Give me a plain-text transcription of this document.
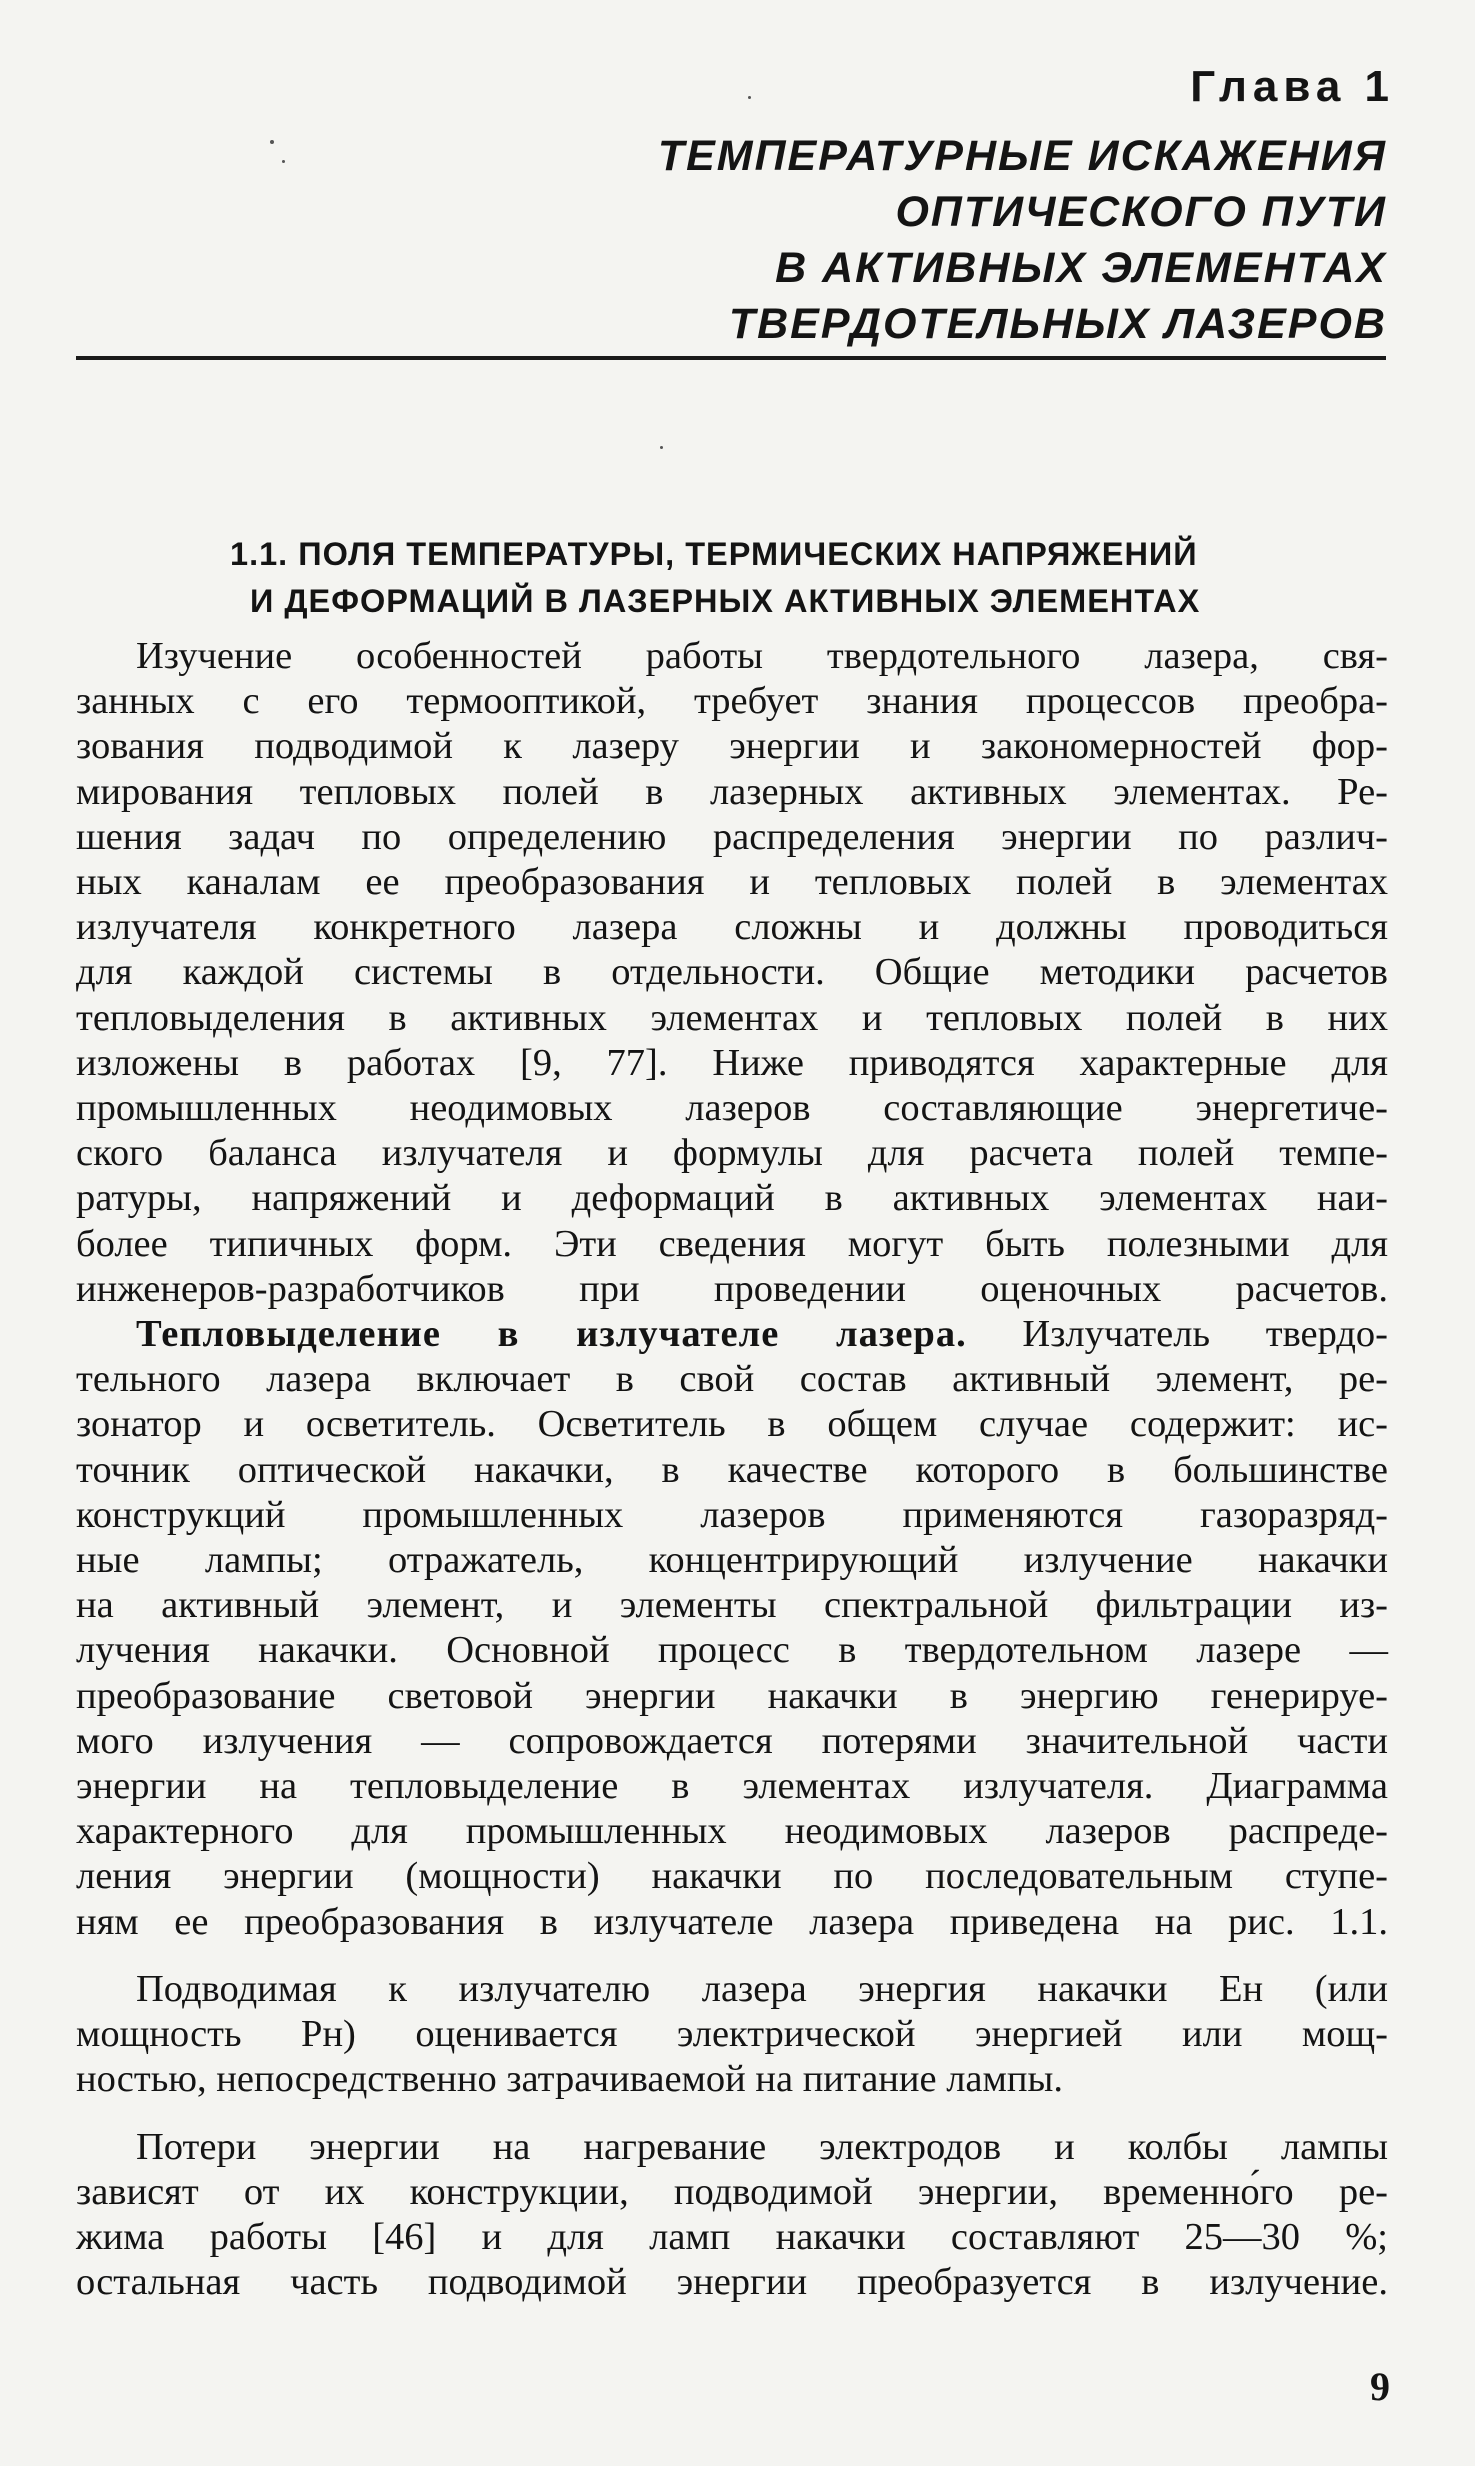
Глава 1
ТЕМПЕРАТУРНЫЕ ИСКАЖЕНИЯ
ОПТИЧЕСКОГО ПУТИ
В АКТИВНЫХ ЭЛЕМЕНТАХ
ТВЕРДОТЕЛЬНЫХ ЛАЗЕРОВ
1.1. ПОЛЯ ТЕМПЕРАТУРЫ, ТЕРМИЧЕСКИХ НАПРЯЖЕНИЙ
И ДЕФОРМАЦИЙ В ЛАЗЕРНЫХ АКТИВНЫХ ЭЛЕМЕНТАХ
Изучение особенностей работы твердотельного лазера, свя-
занных с его термооптикой, требует знания процессов преобра-
зования подводимой к лазеру энергии и закономерностей фор-
мирования тепловых полей в лазерных активных элементах. Ре-
шения задач по определению распределения энергии по различ-
ных каналам ее преобразования и тепловых полей в элементах
излучателя конкретного лазера сложны и должны проводиться
для каждой системы в отдельности. Общие методики расчетов
тепловыделения в активных элементах и тепловых полей в них
изложены в работах [9, 77]. Ниже приводятся характерные для
промышленных неодимовых лазеров составляющие энергетиче-
ского баланса излучателя и формулы для расчета полей темпе-
ратуры, напряжений и деформаций в активных элементах наи-
более типичных форм. Эти сведения могут быть полезными для
инженеров-разработчиков при проведении оценочных расчетов.
Тепловыделение в излучателе лазера. Излучатель твердо-
тельного лазера включает в свой состав активный элемент, ре-
зонатор и осветитель. Осветитель в общем случае содержит: ис-
точник оптической накачки, в качестве которого в большинстве
конструкций промышленных лазеров применяются газоразряд-
ные лампы; отражатель, концентрирующий излучение накачки
на активный элемент, и элементы спектральной фильтрации из-
лучения накачки. Основной процесс в твердотельном лазере —
преобразование световой энергии накачки в энергию генерируе-
мого излучения — сопровождается потерями значительной части
энергии на тепловыделение в элементах излучателя. Диаграмма
характерного для промышленных неодимовых лазеров распреде-
ления энергии (мощности) накачки по последовательным ступе-
ням ее преобразования в излучателе лазера приведена на рис. 1.1.
Подводимая к излучателю лазера энергия накачки Eн (или
мощность Pн) оценивается электрической энергией или мощ-
ностью, непосредственно затрачиваемой на питание лампы.
Потери энергии на нагревание электродов и колбы лампы
зависят от их конструкции, подводимой энергии, временно́го ре-
жима работы [46] и для ламп накачки составляют 25—30 %;
остальная часть подводимой энергии преобразуется в излучение.
9
